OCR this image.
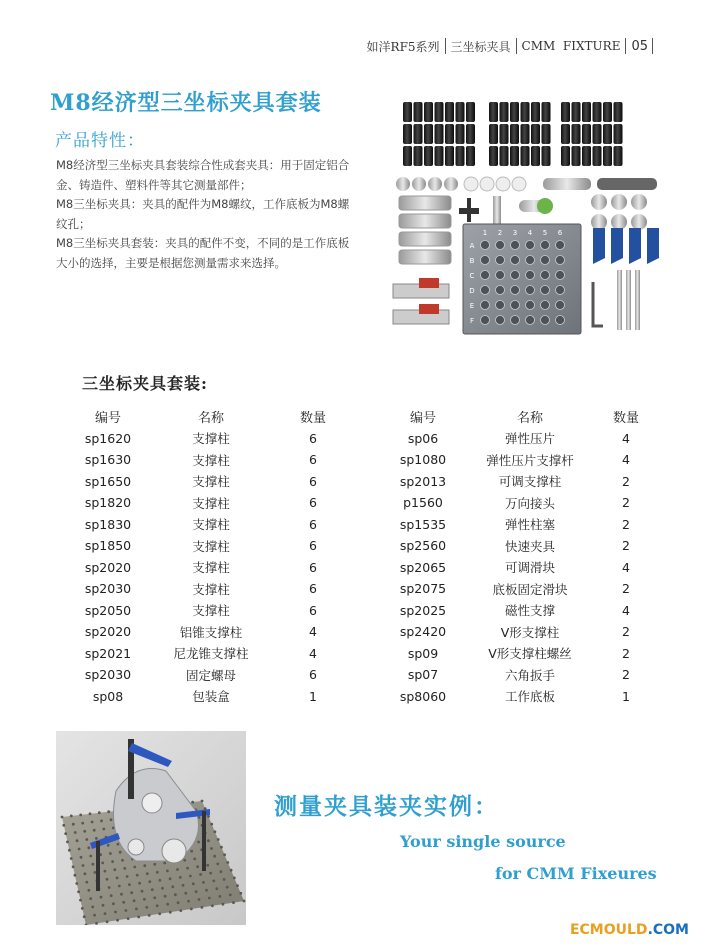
如洋RF5系列 三坐标夹具 CMM  FIXTURE 05
M8经济型三坐标夹具套装
产品特性：

M8经济型三坐标夹具套装综合性成套夹具：用于固定铝合金、铸造件、塑料件等其它测量部件；

M8三坐标夹具：夹具的配件为M8螺纹，工作底板为M8螺纹孔；

M8三坐标夹具套装：夹具的配件不变，不同的是工作底板大小的选择，主要是根据您测量需求来选择。

1 2 3 4 5 6
A
B
C
D
E
F
三坐标夹具套装:
编号	名称	数量
sp1620	支撑柱	6
sp1630	支撑柱	6
sp1650	支撑柱	6
sp1820	支撑柱	6
sp1830	支撑柱	6
sp1850	支撑柱	6
sp2020	支撑柱	6
sp2030	支撑柱	6
sp2050	支撑柱	6
sp2020	铝锥支撑柱	4
sp2021	尼龙锥支撑柱	4
sp2030	固定螺母	6
sp08	包装盒	1
编号	名称	数量
sp06	弹性压片	4
sp1080	弹性压片支撑杆	4
sp2013	可调支撑柱	2
p1560	万向接头	2
sp1535	弹性柱塞	2
sp2560	快速夹具	2
sp2065	可调滑块	4
sp2075	底板固定滑块	2
sp2025	磁性支撑	4
sp2420	V形支撑柱	2
sp09	V形支撑柱螺丝	2
sp07	六角扳手	2
sp8060	工作底板	1
测量夹具装夹实例：
Your single source
for CMM Fixeures
ECMOULD.COM
